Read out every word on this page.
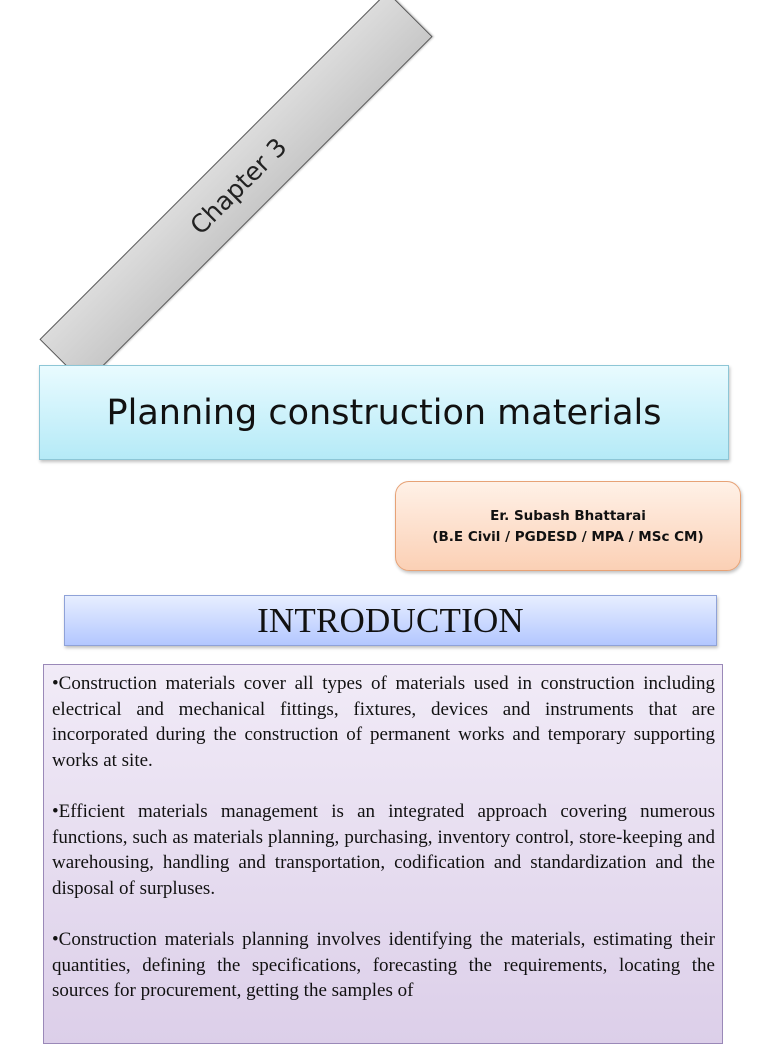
Chapter 3
Planning construction materials
Er. Subash Bhattarai
(B.E Civil / PGDESD / MPA / MSc CM)
INTRODUCTION

•Construction materials cover all types of materials used in construction including electrical and mechanical fittings, fixtures, devices and instruments that are incorporated during the construction of permanent works and temporary supporting works at site.

•Efficient materials management is an integrated approach covering numerous functions, such as materials planning, purchasing, inventory control, store-keeping and warehousing, handling and transportation, codification and standardization and the disposal of surpluses.

•Construction materials planning involves identifying the materials, estimating their quantities, defining the specifications, forecasting the requirements, locating the sources for procurement, getting the samples of
